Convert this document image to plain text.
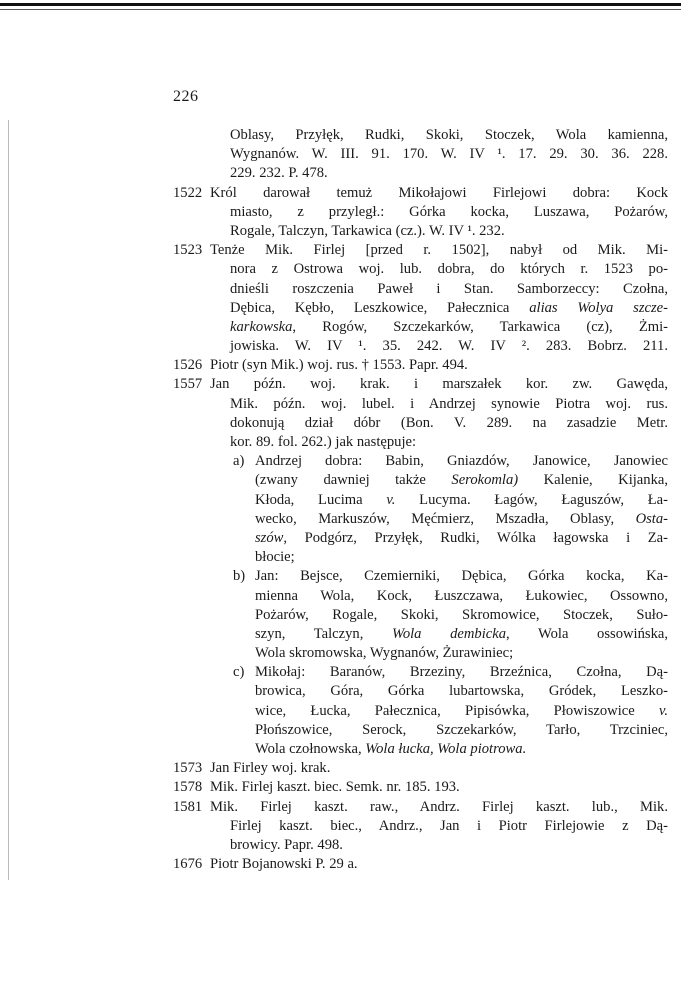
226
Oblasy, Przyłęk, Rudki, Skoki, Stoczek, Wola kamienna,
Wygnanów. W. III. 91. 170. W. IV ¹. 17. 29. 30. 36. 228.
229. 232. P. 478.
1522 Król darował temuż Mikołajowi Firlejowi dobra: Kock
miasto, z przyległ.: Górka kocka, Luszawa, Pożarów,
Rogale, Talczyn, Tarkawica (cz.). W. IV ¹. 232.
1523 Tenże Mik. Firlej [przed r. 1502], nabył od Mik. Mi-
nora z Ostrowa woj. lub. dobra, do których r. 1523 po-
dnieśli roszczenia Paweł i Stan. Samborzeccy: Czołna,
Dębica, Kębło, Leszkowice, Pałecznica alias Wolya szcze-
karkowska, Rogów, Szczekarków, Tarkawica (cz), Żmi-
jowiska. W. IV ¹. 35. 242. W. IV ². 283. Bobrz. 211.
1526 Piotr (syn Mik.) woj. rus. † 1553. Papr. 494.
1557 Jan późn. woj. krak. i marszałek kor. zw. Gawęda,
Mik. późn. woj. lubel. i Andrzej synowie Piotra woj. rus.
dokonują dział dóbr (Bon. V. 289. na zasadzie Metr.
kor. 89. fol. 262.) jak następuje:
a) Andrzej dobra: Babin, Gniazdów, Janowice, Janowiec
(zwany dawniej także Serokomla) Kalenie, Kijanka,
Kłoda, Lucima v. Lucyma. Łagów, Łaguszów, Ła-
wecko, Markuszów, Męćmierz, Mszadła, Oblasy, Osta-
szów, Podgórz, Przyłęk, Rudki, Wólka łagowska i Za-
błocie;
b) Jan: Bejsce, Czemierniki, Dębica, Górka kocka, Ka-
mienna Wola, Kock, Łuszczawa, Łukowiec, Ossowno,
Pożarów, Rogale, Skoki, Skromowice, Stoczek, Suło-
szyn, Talczyn, Wola dembicka, Wola ossowińska,
Wola skromowska, Wygnanów, Żurawiniec;
c) Mikołaj: Baranów, Brzeziny, Brzeźnica, Czołna, Dą-
browica, Góra, Górka lubartowska, Gródek, Leszko-
wice, Łucka, Pałecznica, Pipisówka, Płowiszowice v.
Płońszowice, Serock, Szczekarków, Tarło, Trzciniec,
Wola czołnowska, Wola łucka, Wola piotrowa.
1573 Jan Firley woj. krak.
1578 Mik. Firlej kaszt. biec. Semk. nr. 185. 193.
1581 Mik. Firlej kaszt. raw., Andrz. Firlej kaszt. lub., Mik.
Firlej kaszt. biec., Andrz., Jan i Piotr Firlejowie z Dą-
browicy. Papr. 498.
1676 Piotr Bojanowski P. 29 a.
